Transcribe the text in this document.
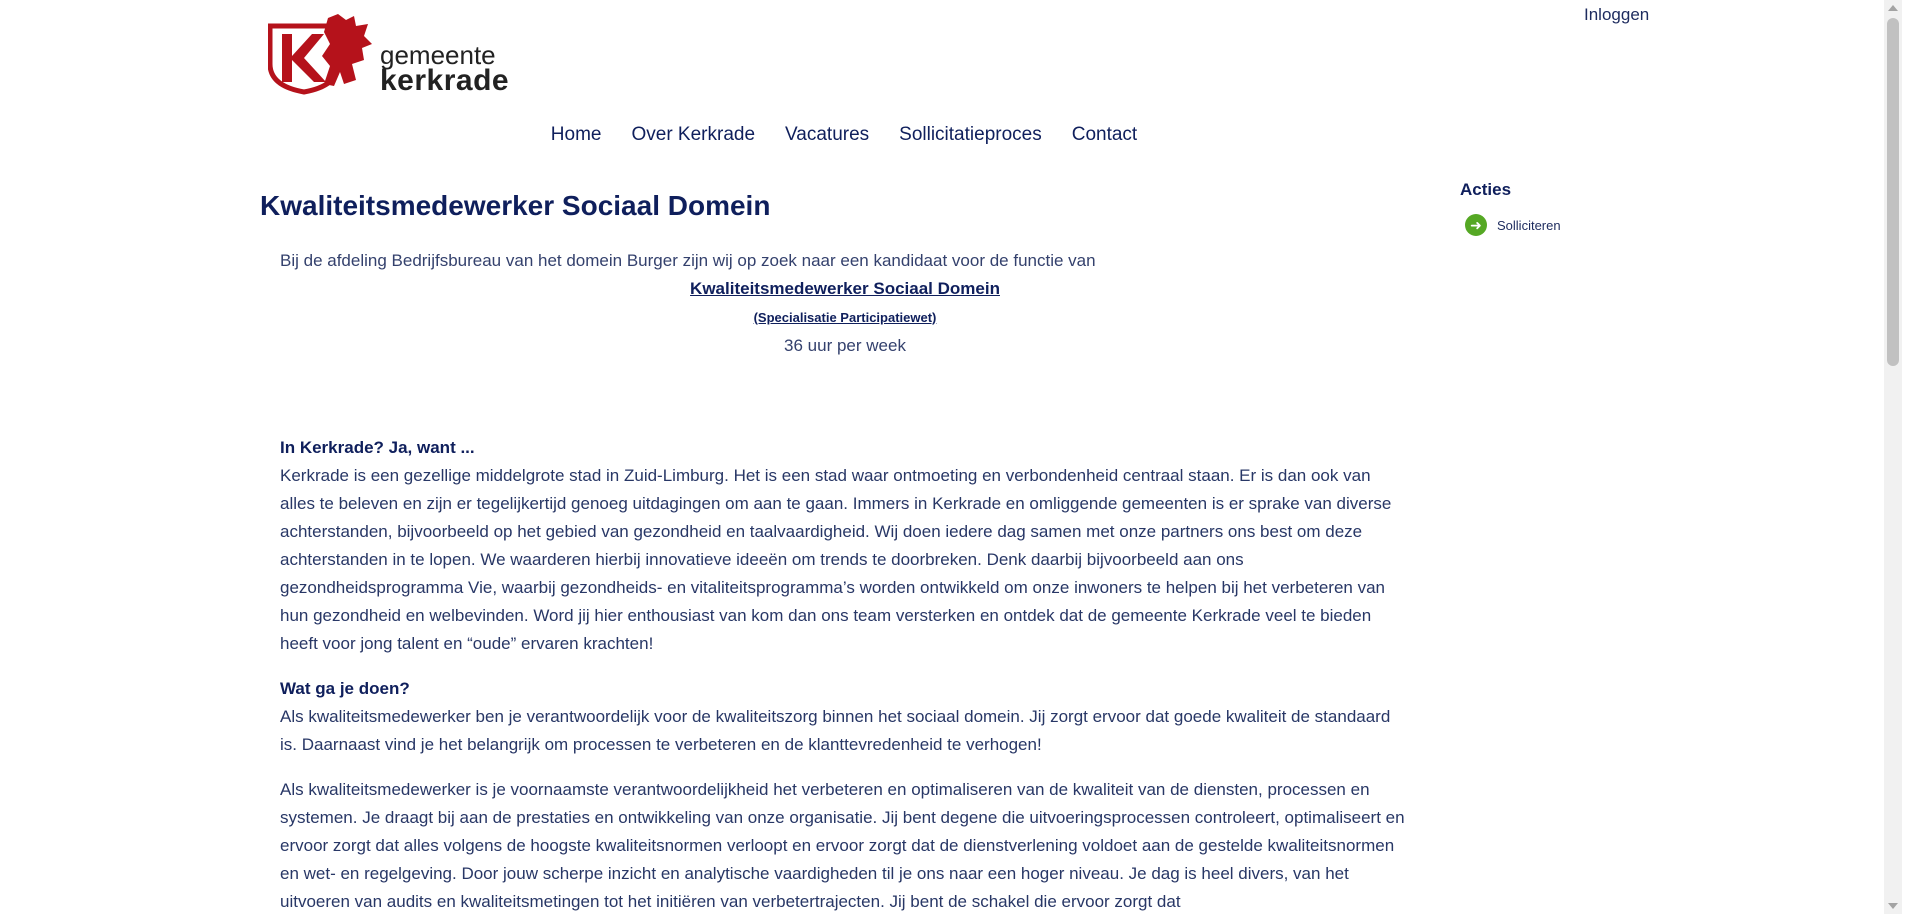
gemeente
kerkrade
Inloggen
Home Over Kerkrade Vacatures Sollicitatieproces Contact
Kwaliteitsmedewerker Sociaal Domein
Bij de afdeling Bedrijfsbureau van het domein Burger zijn wij op zoek naar een kandidaat voor de functie van
Kwaliteitsmedewerker Sociaal Domein
(Specialisatie Participatiewet)
36 uur per week
In Kerkrade? Ja, want ...

Kerkrade is een gezellige middelgrote stad in Zuid-Limburg. Het is een stad waar ontmoeting en verbondenheid centraal staan. Er is dan ook van alles te beleven en zijn er tegelijkertijd genoeg uitdagingen om aan te gaan. Immers in Kerkrade en omliggende gemeenten is er sprake van diverse achterstanden, bijvoorbeeld op het gebied van gezondheid en taalvaardigheid. Wij doen iedere dag samen met onze partners ons best om deze achterstanden in te lopen. We waarderen hierbij innovatieve ideeën om trends te doorbreken. Denk daarbij bijvoorbeeld aan ons gezondheidsprogramma Vie, waarbij gezondheids- en vitaliteitsprogramma’s worden ontwikkeld om onze inwoners te helpen bij het verbeteren van hun gezondheid en welbevinden. Word jij hier enthousiast van kom dan ons team versterken en ontdek dat de gemeente Kerkrade veel te bieden heeft voor jong talent en “oude” ervaren krachten!

Wat ga je doen?

Als kwaliteitsmedewerker ben je verantwoordelijk voor de kwaliteitszorg binnen het sociaal domein. Jij zorgt ervoor dat goede kwaliteit de standaard is. Daarnaast vind je het belangrijk om processen te verbeteren en de klanttevredenheid te verhogen!

Als kwaliteitsmedewerker is je voornaamste verantwoordelijkheid het verbeteren en optimaliseren van de kwaliteit van de diensten, processen en systemen. Je draagt bij aan de prestaties en ontwikkeling van onze organisatie. Jij bent degene die uitvoeringsprocessen controleert, optimaliseert en ervoor zorgt dat alles volgens de hoogste kwaliteitsnormen verloopt en ervoor zorgt dat de dienstverlening voldoet aan de gestelde kwaliteitsnormen en wet- en regelgeving. Door jouw scherpe inzicht en analytische vaardigheden til je ons naar een hoger niveau. Je dag is heel divers, van het uitvoeren van audits en kwaliteitsmetingen tot het initiëren van verbetertrajecten. Jij bent de schakel die ervoor zorgt dat

Acties
➜	Solliciteren
